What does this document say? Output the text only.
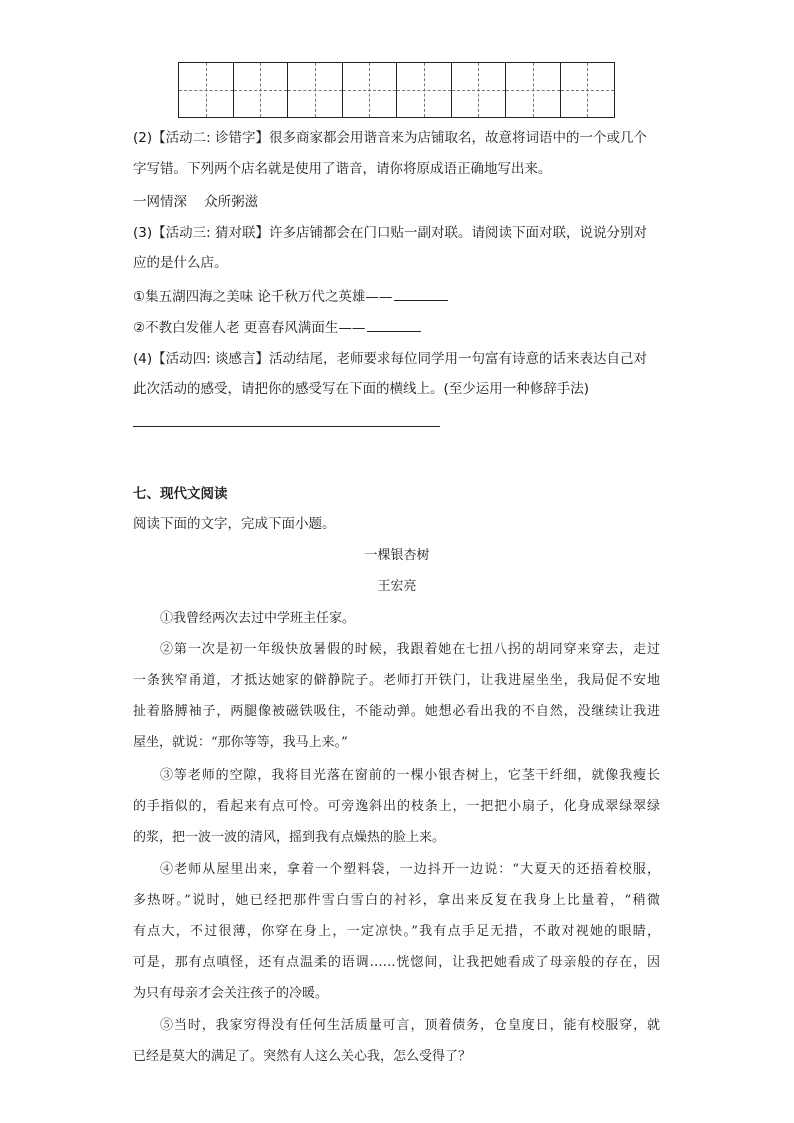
(2)【活动二: 诊错字】很多商家都会用谐音来为店铺取名，故意将词语中的一个或几个
字写错。下列两个店名就是使用了谐音，请你将原成语正确地写出来。
一网情深    众所粥滋
(3)【活动三: 猜对联】许多店铺都会在门口贴一副对联。请阅读下面对联，说说分别对
应的是什么店。
①集五湖四海之美味 论千秋万代之英雄——
②不教白发催人老 更喜春风满面生——
(4)【活动四: 谈感言】活动结尾，老师要求每位同学用一句富有诗意的话来表达自己对
此次活动的感受，请把你的感受写在下面的横线上。(至少运用一种修辞手法)
七、现代文阅读
阅读下面的文字，完成下面小题。
一棵银杏树
王宏亮
①我曾经两次去过中学班主任家。
②第一次是初一年级快放暑假的时候，我跟着她在七扭八拐的胡同穿来穿去，走过
一条狭窄甬道，才抵达她家的僻静院子。老师打开铁门，让我进屋坐坐，我局促不安地
扯着胳膊袖子，两腿像被磁铁吸住，不能动弹。她想必看出我的不自然，没继续让我进
屋坐，就说：“那你等等，我马上来。”
③等老师的空隙，我将目光落在窗前的一棵小银杏树上，它茎干纤细，就像我瘦长
的手指似的，看起来有点可怜。可旁逸斜出的枝条上，一把把小扇子，化身成翠绿翠绿
的浆，把一波一波的清风，摇到我有点燥热的脸上来。
④老师从屋里出来，拿着一个塑料袋，一边抖开一边说：“大夏天的还捂着校服，
多热呀。”说时，她已经把那件雪白雪白的衬衫，拿出来反复在我身上比量着，“稍微
有点大，不过很薄，你穿在身上，一定凉快。”我有点手足无措，不敢对视她的眼睛，
可是，那有点嗔怪，还有点温柔的语调……恍惚间，让我把她看成了母亲般的存在，因
为只有母亲才会关注孩子的冷暖。
⑤当时，我家穷得没有任何生活质量可言，顶着债务，仓皇度日，能有校服穿，就
已经是莫大的满足了。突然有人这么关心我，怎么受得了？
